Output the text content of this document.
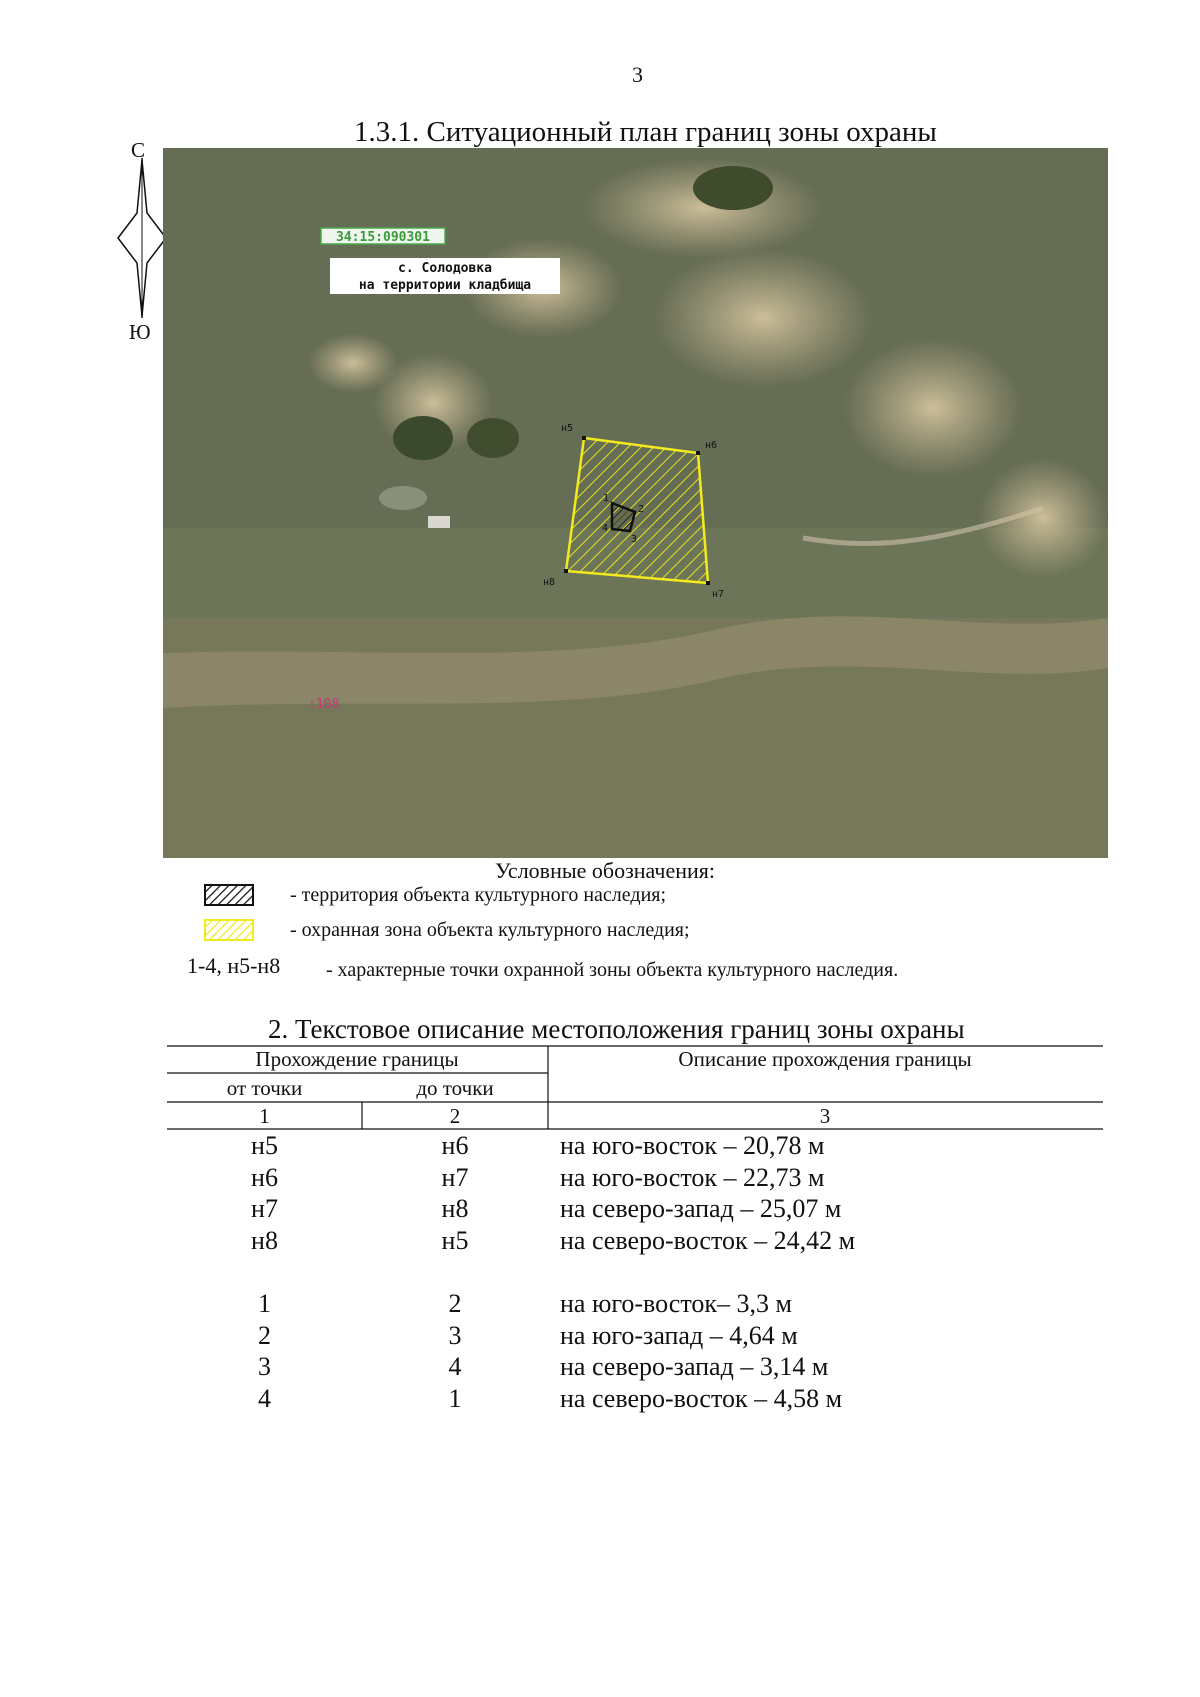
3
1.3.1. Ситуационный план границ зоны охраны
С
Ю
34:15:090301
с. Солодовка
на территории кладбища
н5
н6
н7
н8
1
2
3
4
:108
Условные обозначения:
- территория объекта культурного наследия;
- охранная зона объекта культурного наследия;
1-4, н5-н8 - характерные точки охранной зоны объекта культурного наследия.
2. Текстовое описание местоположения границ зоны охраны
Прохождение границы	Описание прохождения границы
от точки	до точки
1	2	3
н5	н6	на юго-восток – 20,78 м
н6	н7	на юго-восток – 22,73 м
н7	н8	на северо-запад – 25,07 м
н8	н5	на северо-восток – 24,42 м
1	2	на юго-восток– 3,3 м
2	3	на юго-запад – 4,64 м
3	4	на северо-запад – 3,14 м
4	1	на северо-восток – 4,58 м
